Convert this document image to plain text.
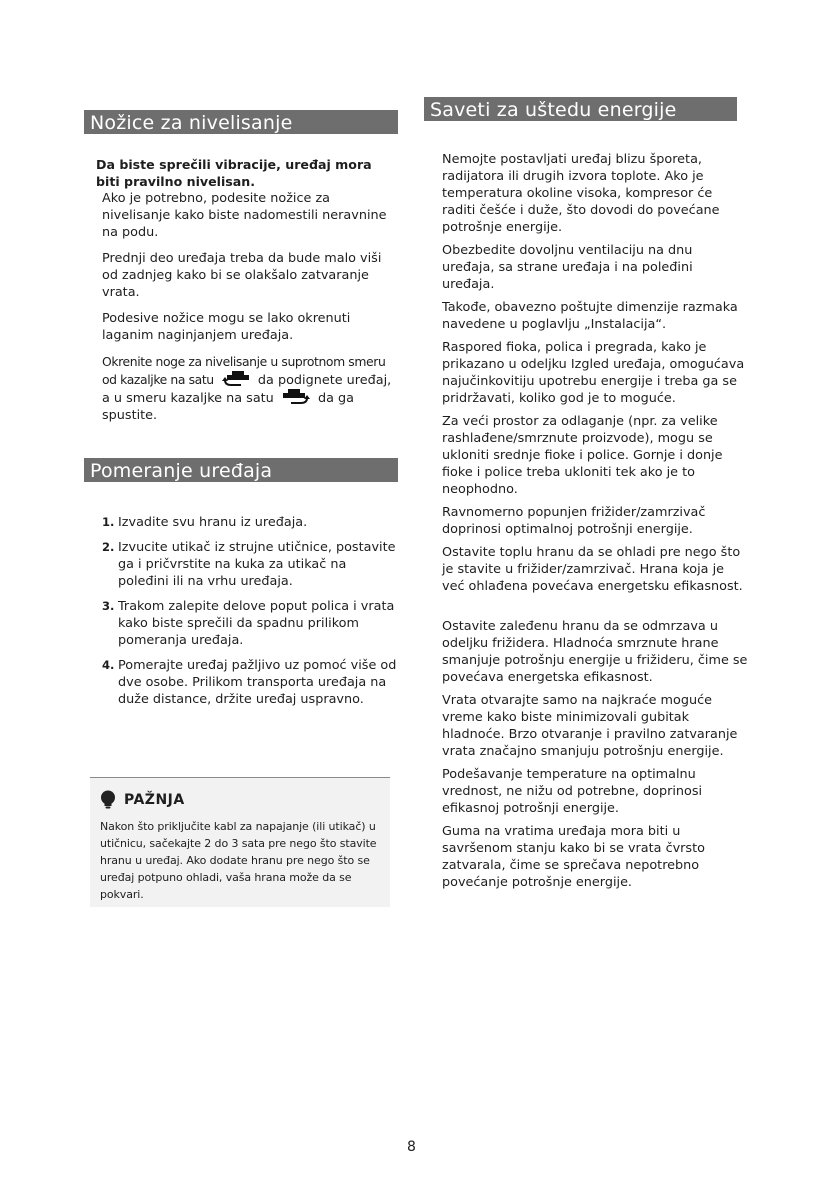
Nožice za nivelisanje
Da biste sprečili vibracije, uređaj mora biti pravilno nivelisan.
Ako je potrebno, podesite nožice za nivelisanje kako biste nadomestili neravnine na podu.
Prednji deo uređaja treba da bude malo viši od zadnjeg kako bi se olakšalo zatvaranje vrata.
Podesive nožice mogu se lako okrenuti laganim naginjanjem uređaja.
Okrenite noge za nivelisanje u suprotnom smeru od kazaljke na satu	da podignete uređaj, a u smeru kazaljke na satu	da ga spustite.
Pomeranje uređaja
1. Izvadite svu hranu iz uređaja.
2. Izvucite utikač iz strujne utičnice, postavite ga i pričvrstite na kuka za utikač na poleđini ili na vrhu uređaja.
3. Trakom zalepite delove poput polica i vrata kako biste sprečili da spadnu prilikom pomeranja uređaja.
4. Pomerajte uređaj pažljivo uz pomoć više od dve osobe. Prilikom transporta uređaja na duže distance, držite uređaj uspravno.
PAŽNJA
Nakon što priključite kabl za napajanje (ili utikač) u utičnicu, sačekajte 2 do 3 sata pre nego što stavite hranu u uređaj. Ako dodate hranu pre nego što se uređaj potpuno ohladi, vaša hrana može da se pokvari.
Saveti za uštedu energije
Nemojte postavljati uređaj blizu šporeta, radijatora ili drugih izvora toplote. Ako je temperatura okoline visoka, kompresor će raditi češće i duže, što dovodi do povećane potrošnje energije.
Obezbedite dovoljnu ventilaciju na dnu uređaja, sa strane uređaja i na poleđini uređaja.
Takođe, obavezno poštujte dimenzije razmaka navedene u poglavlju „Instalacija“.
Raspored fioka, polica i pregrada, kako je prikazano u odeljku Izgled uređaja, omogućava najučinkovitiju upotrebu energije i treba ga se pridržavati, koliko god je to moguće.
Za veći prostor za odlaganje (npr. za velike rashlađene/smrznute proizvode), mogu se ukloniti srednje fioke i police. Gornje i donje fioke i police treba ukloniti tek ako je to neophodno.
Ravnomerno popunjen frižider/zamrzivač doprinosi optimalnoj potrošnji energije.
Ostavite toplu hranu da se ohladi pre nego što je stavite u frižider/zamrzivač. Hrana koja je već ohlađena povećava energetsku efikasnost.
Ostavite zaleđenu hranu da se odmrzava u odeljku frižidera. Hladnoća smrznute hrane smanjuje potrošnju energije u frižideru, čime se povećava energetska efikasnost.
Vrata otvarajte samo na najkraće moguće vreme kako biste minimizovali gubitak hladnoće. Brzo otvaranje i pravilno zatvaranje vrata značajno smanjuju potrošnju energije.
Podešavanje temperature na optimalnu vrednost, ne nižu od potrebne, doprinosi efikasnoj potrošnji energije.
Guma na vratima uređaja mora biti u savršenom stanju kako bi se vrata čvrsto zatvarala, čime se sprečava nepotrebno povećanje potrošnje energije.
8
